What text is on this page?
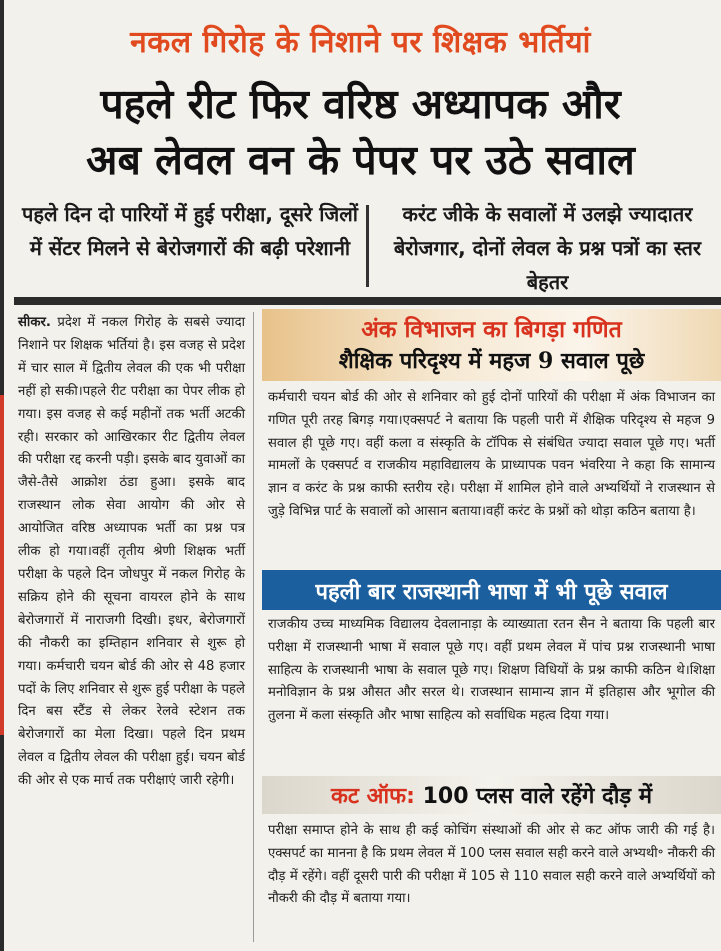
नकल गिरोह के निशाने पर शिक्षक भर्तियां
पहले रीट फिर वरिष्ठ अध्यापक और
अब लेवल वन के पेपर पर उठे सवाल
पहले दिन दो पारियों में हुई परीक्षा, दूसरे जिलों में सेंटर मिलने से बेरोजगारों की बढ़ी परेशानी
करंट जीके के सवालों में उलझे ज्यादातर बेरोजगार, दोनों लेवल के प्रश्न पत्रों का स्तर बेहतर
सीकर. प्रदेश में नकल गिरोह के सबसे ज्यादा निशाने पर शिक्षक भर्तियां है। इस वजह से प्रदेश में चार साल में द्वितीय लेवल की एक भी परीक्षा नहीं हो सकी।पहले रीट परीक्षा का पेपर लीक हो गया। इस वजह से कई महीनों तक भर्ती अटकी रही। सरकार को आखिरकार रीट द्वितीय लेवल की परीक्षा रद्द करनी पड़ी। इसके बाद युवाओं का जैसे-तैसे आक्रोश ठंडा हुआ। इसके बाद राजस्थान लोक सेवा आयोग की ओर से आयोजित वरिष्ठ अध्यापक भर्ती का प्रश्न पत्र लीक हो गया।वहीं तृतीय श्रेणी शिक्षक भर्ती परीक्षा के पहले दिन जोधपुर में नकल गिरोह के सक्रिय होने की सूचना वायरल होने के साथ बेरोजगारों में नाराजगी दिखी। इधर, बेरोजगारों की नौकरी का इम्तिहान शनिवार से शुरू हो गया। कर्मचारी चयन बोर्ड की ओर से 48 हजार पदों के लिए शनिवार से शुरू हुई परीक्षा के पहले दिन बस स्टैंड से लेकर रेलवे स्टेशन तक बेरोजगारों का मेला दिखा। पहले दिन प्रथम लेवल व द्वितीय लेवल की परीक्षा हुई। चयन बोर्ड की ओर से एक मार्च तक परीक्षाएं जारी रहेगी।
अंक विभाजन का बिगड़ा गणित
शैक्षिक परिदृश्य में महज 9 सवाल पूछे
कर्मचारी चयन बोर्ड की ओर से शनिवार को हुई दोनों पारियों की परीक्षा में अंक विभाजन का गणित पूरी तरह बिगड़ गया।एक्सपर्ट ने बताया कि पहली पारी में शैक्षिक परिदृश्य से महज 9 सवाल ही पूछे गए। वहीं कला व संस्कृति के टॉपिक से संबंधित ज्यादा सवाल पूछे गए। भर्ती मामलों के एक्सपर्ट व राजकीय महाविद्यालय के प्राध्यापक पवन भंवरिया ने कहा कि सामान्य ज्ञान व करंट के प्रश्न काफी स्तरीय रहे। परीक्षा में शामिल होने वाले अभ्यर्थियों ने राजस्थान से जुड़े विभिन्न पार्ट के सवालों को आसान बताया।वहीं करंट के प्रश्नों को थोड़ा कठिन बताया है।
पहली बार राजस्थानी भाषा में भी पूछे सवाल
राजकीय उच्च माध्यमिक विद्यालय देवलानाड़ा के व्याख्याता रतन सैन ने बताया कि पहली बार परीक्षा में राजस्थानी भाषा में सवाल पूछे गए। वहीं प्रथम लेवल में पांच प्रश्न राजस्थानी भाषा साहित्य के राजस्थानी भाषा के सवाल पूछे गए। शिक्षण विधियों के प्रश्न काफी कठिन थे।शिक्षा मनोविज्ञान के प्रश्न औसत और सरल थे। राजस्थान सामान्य ज्ञान में इतिहास और भूगोल की तुलना में कला संस्कृति और भाषा साहित्य को सर्वाधिक महत्व दिया गया।
कट ऑफ: 100 प्लस वाले रहेंगे दौड़ में
परीक्षा समाप्त होने के साथ ही कई कोचिंग संस्थाओं की ओर से कट ऑफ जारी की गई है। एक्सपर्ट का मानना है कि प्रथम लेवल में 100 प्लस सवाल सही करने वाले अभ्यथी॰ नौकरी की दौड़ में रहेंगे। वहीं दूसरी पारी की परीक्षा में 105 से 110 सवाल सही करने वाले अभ्यर्थियों को नौकरी की दौड़ में बताया गया।
